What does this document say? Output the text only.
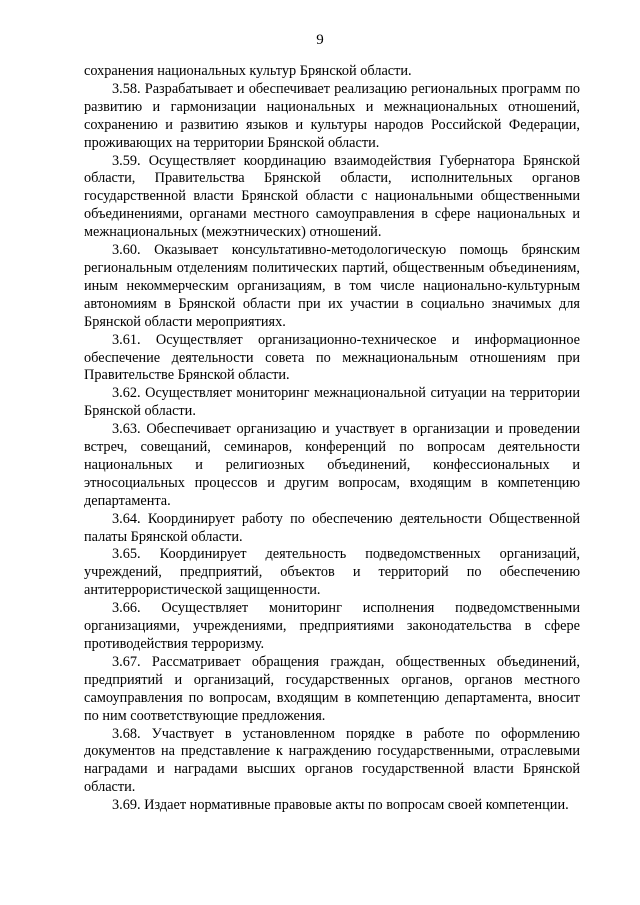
9

сохранения национальных культур Брянской области.

3.58. Разрабатывает и обеспечивает реализацию региональных программ по развитию и гармонизации национальных и межнациональных отношений, сохранению и развитию языков и культуры народов Российской Федерации, проживающих на территории Брянской области.

3.59. Осуществляет координацию взаимодействия Губернатора Брянской области, Правительства Брянской области, исполнительных органов государственной власти Брянской области с национальными общественными объединениями, органами местного самоуправления в сфере национальных и межнациональных (межэтнических) отношений.

3.60. Оказывает консультативно-методологическую помощь брянским региональным отделениям политических партий, общественным объединениям, иным некоммерческим организациям, в том числе национально-культурным автономиям в Брянской области при их участии в социально значимых для Брянской области мероприятиях.

3.61. Осуществляет организационно-техническое и информационное обеспечение деятельности совета по межнациональным отношениям при Правительстве Брянской области.

3.62. Осуществляет мониторинг межнациональной ситуации на территории Брянской области.

3.63. Обеспечивает организацию и участвует в организации и проведении встреч, совещаний, семинаров, конференций по вопросам деятельности национальных и религиозных объединений, конфессиональных и этносоциальных процессов и другим вопросам, входящим в компетенцию департамента.

3.64. Координирует работу по обеспечению деятельности Общественной палаты Брянской области.

3.65. Координирует деятельность подведомственных организаций, учреждений, предприятий, объектов и территорий по обеспечению антитеррористической защищенности.

3.66. Осуществляет мониторинг исполнения подведомственными организациями, учреждениями, предприятиями законодательства в сфере противодействия терроризму.

3.67. Рассматривает обращения граждан, общественных объединений, предприятий и организаций, государственных органов, органов местного самоуправления по вопросам, входящим в компетенцию департамента, вносит по ним соответствующие предложения.

3.68. Участвует в установленном порядке в работе по оформлению документов на представление к награждению государственными, отраслевыми наградами и наградами высших органов государственной власти Брянской области.

3.69. Издает нормативные правовые акты по вопросам своей компетенции.
